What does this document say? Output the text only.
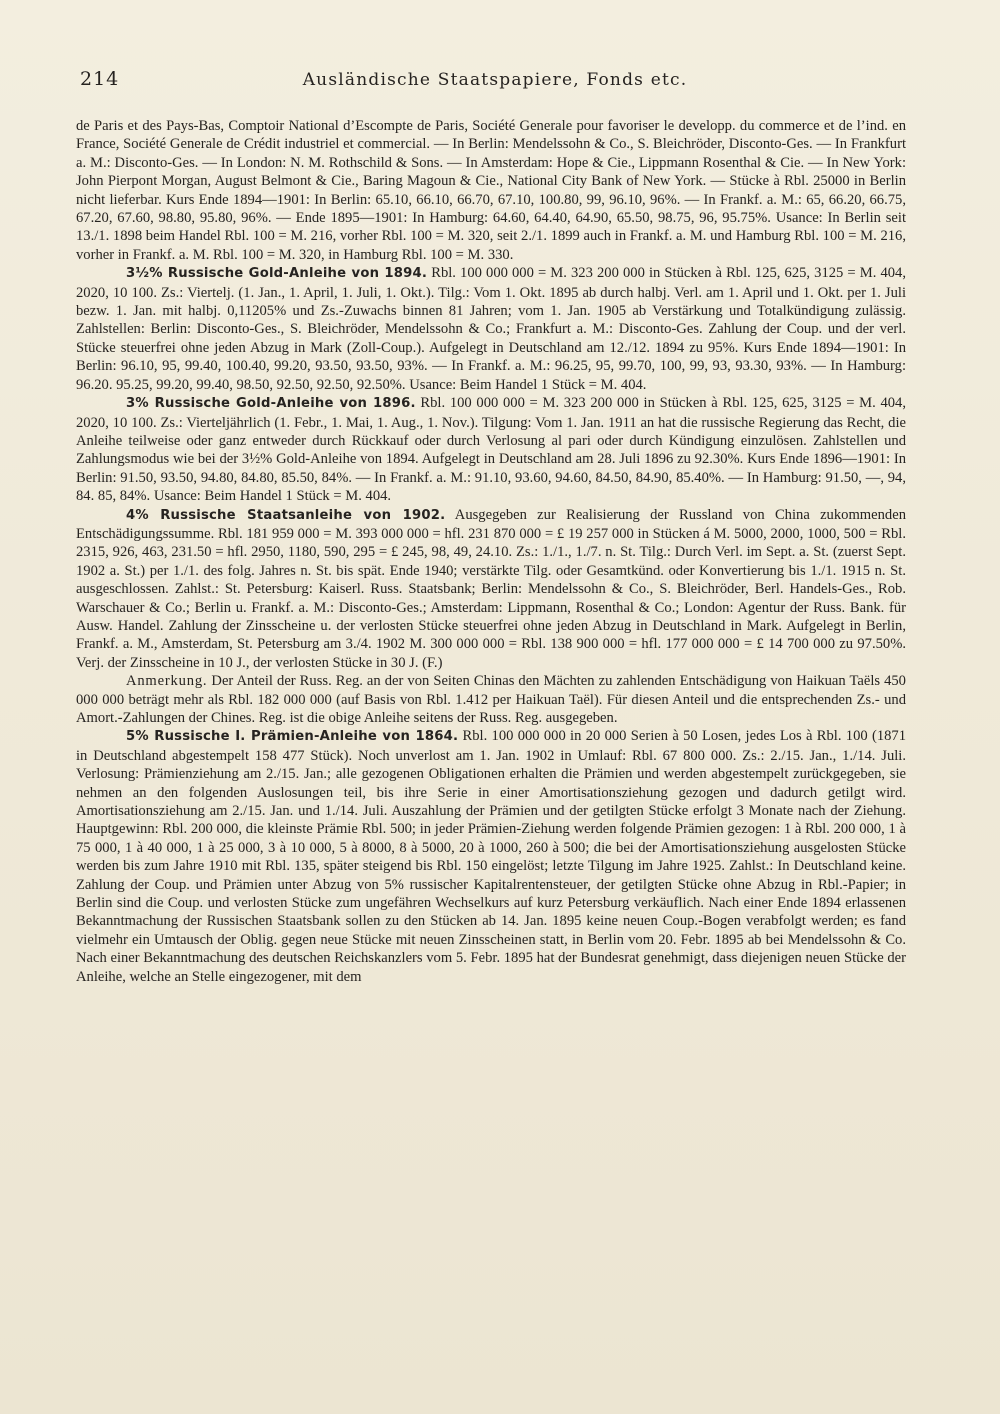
214	Ausländische Staatspapiere, Fonds etc.

de Paris et des Pays-Bas, Comptoir National d’Escompte de Paris, Société Generale pour favoriser le developp. du commerce et de l’ind. en France, Société Generale de Crédit industriel et commercial. — In Berlin: Mendelssohn & Co., S. Bleichröder, Disconto-Ges. — In Frankfurt a. M.: Disconto-Ges. — In London: N. M. Rothschild & Sons. — In Amsterdam: Hope & Cie., Lippmann Rosenthal & Cie. — In New York: John Pierpont Morgan, August Belmont & Cie., Baring Magoun & Cie., National City Bank of New York. — Stücke à Rbl. 25000 in Berlin nicht lieferbar. Kurs Ende 1894—1901: In Berlin: 65.10, 66.10, 66.70, 67.10, 100.80, 99, 96.10, 96%. — In Frankf. a. M.: 65, 66.20, 66.75, 67.20, 67.60, 98.80, 95.80, 96%. — Ende 1895—1901: In Hamburg: 64.60, 64.40, 64.90, 65.50, 98.75, 96, 95.75%. Usance: In Berlin seit 13./1. 1898 beim Handel Rbl. 100 = M. 216, vorher Rbl. 100 = M. 320, seit 2./1. 1899 auch in Frankf. a. M. und Hamburg Rbl. 100 = M. 216, vorher in Frankf. a. M. Rbl. 100 = M. 320, in Hamburg Rbl. 100 = M. 330.

3½% Russische Gold-Anleihe von 1894. Rbl. 100 000 000 = M. 323 200 000 in Stücken à Rbl. 125, 625, 3125 = M. 404, 2020, 10 100. Zs.: Viertelj. (1. Jan., 1. April, 1. Juli, 1. Okt.). Tilg.: Vom 1. Okt. 1895 ab durch halbj. Verl. am 1. April und 1. Okt. per 1. Juli bezw. 1. Jan. mit halbj. 0,11205% und Zs.-Zuwachs binnen 81 Jahren; vom 1. Jan. 1905 ab Verstärkung und Totalkündigung zulässig. Zahlstellen: Berlin: Disconto-Ges., S. Bleichröder, Mendelssohn & Co.; Frankfurt a. M.: Disconto-Ges. Zahlung der Coup. und der verl. Stücke steuerfrei ohne jeden Abzug in Mark (Zoll-Coup.). Aufgelegt in Deutschland am 12./12. 1894 zu 95%. Kurs Ende 1894—1901: In Berlin: 96.10, 95, 99.40, 100.40, 99.20, 93.50, 93.50, 93%. — In Frankf. a. M.: 96.25, 95, 99.70, 100, 99, 93, 93.30, 93%. — In Hamburg: 96.20. 95.25, 99.20, 99.40, 98.50, 92.50, 92.50, 92.50%. Usance: Beim Handel 1 Stück = M. 404.

3% Russische Gold-Anleihe von 1896. Rbl. 100 000 000 = M. 323 200 000 in Stücken à Rbl. 125, 625, 3125 = M. 404, 2020, 10 100. Zs.: Vierteljährlich (1. Febr., 1. Mai, 1. Aug., 1. Nov.). Tilgung: Vom 1. Jan. 1911 an hat die russische Regierung das Recht, die Anleihe teilweise oder ganz entweder durch Rückkauf oder durch Verlosung al pari oder durch Kündigung einzulösen. Zahlstellen und Zahlungsmodus wie bei der 3½% Gold-Anleihe von 1894. Aufgelegt in Deutschland am 28. Juli 1896 zu 92.30%. Kurs Ende 1896—1901: In Berlin: 91.50, 93.50, 94.80, 84.80, 85.50, 84%. — In Frankf. a. M.: 91.10, 93.60, 94.60, 84.50, 84.90, 85.40%. — In Hamburg: 91.50, —, 94, 84. 85, 84%. Usance: Beim Handel 1 Stück = M. 404.

4% Russische Staatsanleihe von 1902. Ausgegeben zur Realisierung der Russland von China zukommenden Entschädigungssumme. Rbl. 181 959 000 = M. 393 000 000 = hfl. 231 870 000 = £ 19 257 000 in Stücken á M. 5000, 2000, 1000, 500 = Rbl. 2315, 926, 463, 231.50 = hfl. 2950, 1180, 590, 295 = £ 245, 98, 49, 24.10. Zs.: 1./1., 1./7. n. St. Tilg.: Durch Verl. im Sept. a. St. (zuerst Sept. 1902 a. St.) per 1./1. des folg. Jahres n. St. bis spät. Ende 1940; verstärkte Tilg. oder Gesamtkünd. oder Konvertierung bis 1./1. 1915 n. St. ausgeschlossen. Zahlst.: St. Petersburg: Kaiserl. Russ. Staatsbank; Berlin: Mendelssohn & Co., S. Bleichröder, Berl. Handels-Ges., Rob. Warschauer & Co.; Berlin u. Frankf. a. M.: Disconto-Ges.; Amsterdam: Lippmann, Rosenthal & Co.; London: Agentur der Russ. Bank. für Ausw. Handel. Zahlung der Zinsscheine u. der verlosten Stücke steuerfrei ohne jeden Abzug in Deutschland in Mark. Aufgelegt in Berlin, Frankf. a. M., Amsterdam, St. Petersburg am 3./4. 1902 M. 300 000 000 = Rbl. 138 900 000 = hfl. 177 000 000 = £ 14 700 000 zu 97.50%. Verj. der Zinsscheine in 10 J., der verlosten Stücke in 30 J. (F.)

Anmerkung. Der Anteil der Russ. Reg. an der von Seiten Chinas den Mächten zu zahlenden Entschädigung von Haikuan Taëls 450 000 000 beträgt mehr als Rbl. 182 000 000 (auf Basis von Rbl. 1.412 per Haikuan Taël). Für diesen Anteil und die entsprechenden Zs.- und Amort.-Zahlungen der Chines. Reg. ist die obige Anleihe seitens der Russ. Reg. ausgegeben.

5% Russische I. Prämien-Anleihe von 1864. Rbl. 100 000 000 in 20 000 Serien à 50 Losen, jedes Los à Rbl. 100 (1871 in Deutschland abgestempelt 158 477 Stück). Noch unverlost am 1. Jan. 1902 in Umlauf: Rbl. 67 800 000. Zs.: 2./15. Jan., 1./14. Juli. Verlosung: Prämienziehung am 2./15. Jan.; alle gezogenen Obligationen erhalten die Prämien und werden abgestempelt zurückgegeben, sie nehmen an den folgenden Auslosungen teil, bis ihre Serie in einer Amortisationsziehung gezogen und dadurch getilgt wird. Amortisationsziehung am 2./15. Jan. und 1./14. Juli. Auszahlung der Prämien und der getilgten Stücke erfolgt 3 Monate nach der Ziehung. Hauptgewinn: Rbl. 200 000, die kleinste Prämie Rbl. 500; in jeder Prämien-Ziehung werden folgende Prämien gezogen: 1 à Rbl. 200 000, 1 à 75 000, 1 à 40 000, 1 à 25 000, 3 à 10 000, 5 à 8000, 8 à 5000, 20 à 1000, 260 à 500; die bei der Amortisationsziehung ausgelosten Stücke werden bis zum Jahre 1910 mit Rbl. 135, später steigend bis Rbl. 150 eingelöst; letzte Tilgung im Jahre 1925. Zahlst.: In Deutschland keine. Zahlung der Coup. und Prämien unter Abzug von 5% russischer Kapitalrentensteuer, der getilgten Stücke ohne Abzug in Rbl.-Papier; in Berlin sind die Coup. und verlosten Stücke zum ungefähren Wechselkurs auf kurz Petersburg verkäuflich. Nach einer Ende 1894 erlassenen Bekanntmachung der Russischen Staatsbank sollen zu den Stücken ab 14. Jan. 1895 keine neuen Coup.-Bogen verabfolgt werden; es fand vielmehr ein Umtausch der Oblig. gegen neue Stücke mit neuen Zinsscheinen statt, in Berlin vom 20. Febr. 1895 ab bei Mendelssohn & Co. Nach einer Bekanntmachung des deutschen Reichskanzlers vom 5. Febr. 1895 hat der Bundesrat genehmigt, dass diejenigen neuen Stücke der Anleihe, welche an Stelle eingezogener, mit dem
